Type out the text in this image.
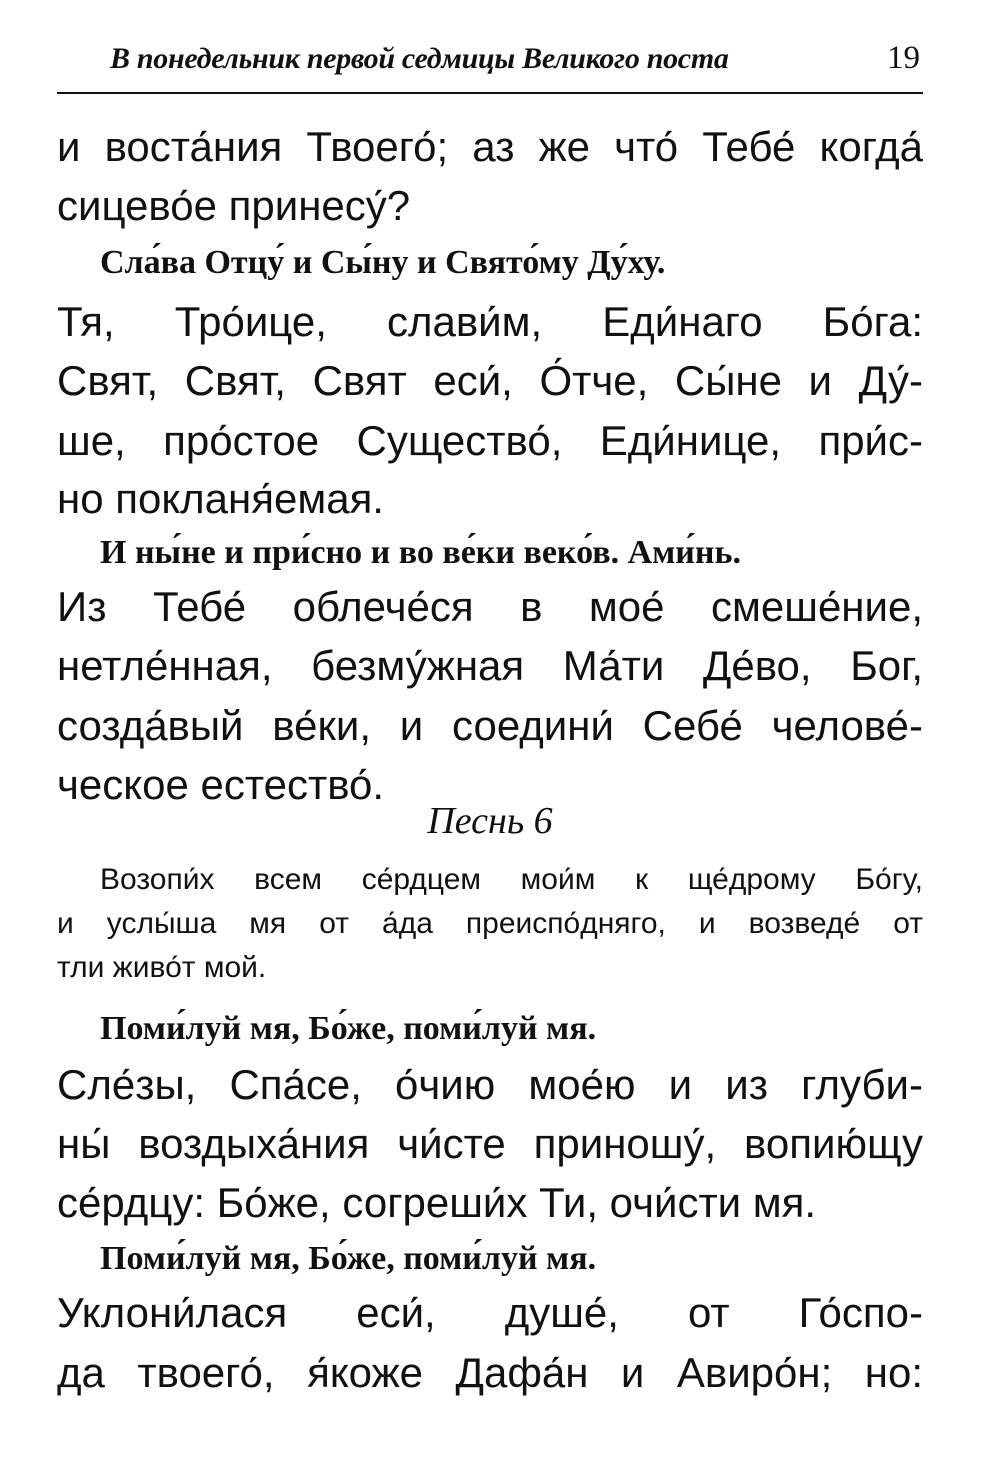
В понедельник первой седмицы Великого поста	19
и воста́ния Твоего́; аз же что́ Тебе́ когда́
сицево́е принесу́?
Сла́ва Отцу́ и Сы́ну и Свято́му Ду́ху.
Тя, Тро́ице, слави́м, Еди́наго Бо́га:
Свят, Свят, Свят еси́, О́тче, Сы́не и Ду́-
ше, про́стое Существо́, Еди́нице, при́с-
но покланя́емая.
И ны́не и при́сно и во ве́ки веко́в. Ами́нь.
Из Тебе́ облече́ся в мое́ смеше́ние,
нетле́нная, безму́жная Ма́ти Де́во, Бог,
созда́вый ве́ки, и соедини́ Себе́ челове́-
ческое естество́.
Песнь 6
Возопи́х всем се́рдцем мои́м к ще́дрому Бо́гу,
и услы́ша мя от а́да преиспо́дняго, и возведе́ от
тли живо́т мой.
Поми́луй мя, Бо́же, поми́луй мя.
Сле́зы, Спа́се, о́чию мое́ю и из глуби-
ны́ воздыха́ния чи́сте приношу́, вопию́щу
се́рдцу: Бо́же, согреши́х Ти, очи́сти мя.
Поми́луй мя, Бо́же, поми́луй мя.
Уклони́лася еси́, душе́, от Го́спо-
да твоего́, я́коже Дафа́н и Авиро́н; но:
